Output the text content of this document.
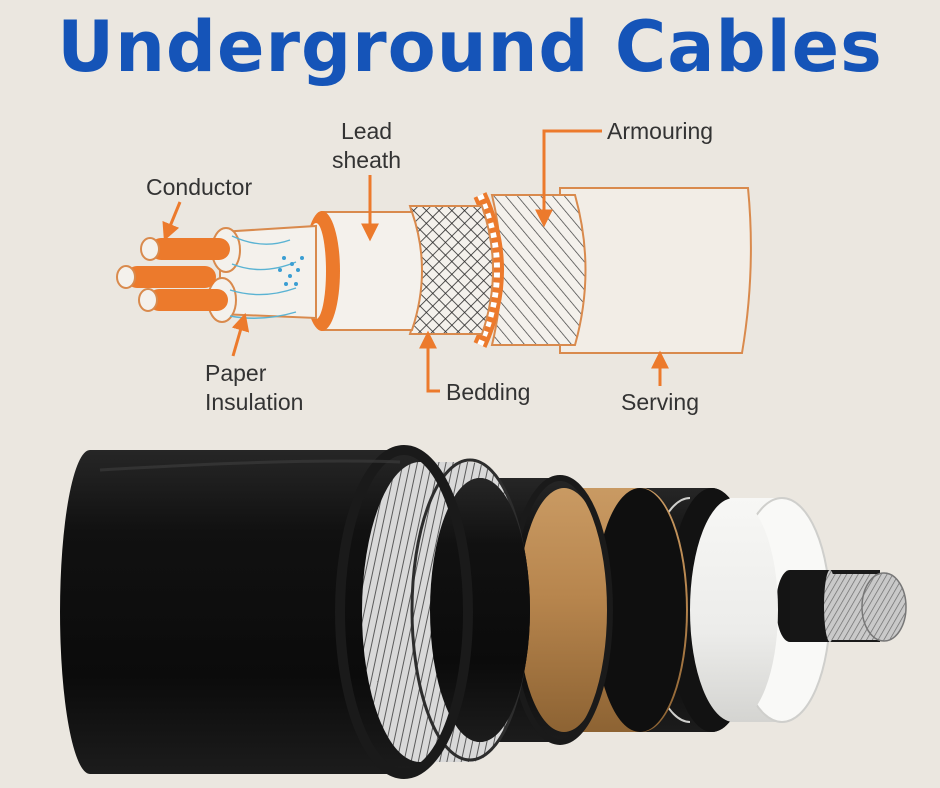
Underground Cables
Conductor
Lead
sheath
Armouring
Paper
Insulation	Bedding	Serving
